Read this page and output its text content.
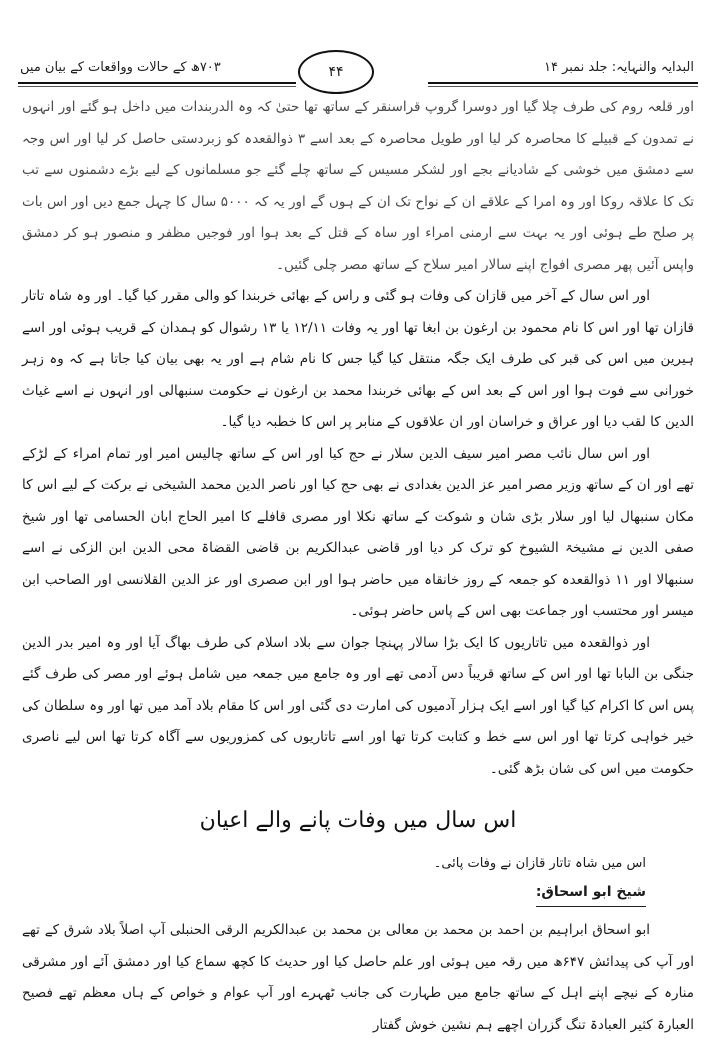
البدایہ والنہایہ: جلد نمبر ۱۴
۴۴
۷۰۳ھ کے حالات وواقعات کے بیان میں

اور قلعہ روم کی طرف چلا گیا اور دوسرا گروپ قراسنقر کے ساتھ تھا حتیٰ کہ وہ الدربندات میں داخل ہو گئے اور انہوں نے تمدون کے قبیلے کا محاصرہ کر لیا اور طویل محاصرہ کے بعد اسے ۳ ذوالقعدہ کو زبردستی حاصل کر لیا اور اس وجہ سے دمشق میں خوشی کے شادیانے بجے اور لشکر مسیس کے ساتھ چلے گئے جو مسلمانوں کے لیے بڑے دشمنوں سے تب تک کا علاقہ روکا اور وہ امرا کے علاقے ان کے نواح تک ان کے ہوں گے اور یہ کہ ۵۰۰۰ سال کا چہل جمع دیں اور اس بات پر صلح طے ہوئی اور یہ بہت سے ارمنی امراء اور ساہ کے قتل کے بعد ہوا اور فوجیں مظفر و منصور ہو کر دمشق واپس آئیں پھر مصری افواج اپنے سالار امیر سلاح کے ساتھ مصر چلی گئیں۔

اور اس سال کے آخر میں قازان کی وفات ہو گئی و راس کے بھائی خربندا کو والی مقرر کیا گیا۔ اور وہ شاہ تاتار قازان تھا اور اس کا نام محمود بن ارغون بن ابغا تھا اور یہ وفات ۱۲/۱۱ یا ۱۳ رشوال کو ہمدان کے قریب ہوئی اور اسے ہیرین میں اس کی قبر کی طرف ایک جگہ منتقل کیا گیا جس کا نام شام ہے اور یہ بھی بیان کیا جاتا ہے کہ وہ زہر خورانی سے فوت ہوا اور اس کے بعد اس کے بھائی خربندا محمد بن ارغون نے حکومت سنبھالی اور انہوں نے اسے غیاث الدین کا لقب دیا اور عراق و خراسان اور ان علاقوں کے منابر پر اس کا خطبہ دیا گیا۔

اور اس سال نائب مصر امیر سیف الدین سلار نے حج کیا اور اس کے ساتھ چالیس امیر اور تمام امراء کے لڑکے تھے اور ان کے ساتھ وزیر مصر امیر عز الدین بغدادی نے بھی حج کیا اور ناصر الدین محمد الشیخی نے برکت کے لیے اس کا مکان سنبھال لیا اور سلار بڑی شان و شوکت کے ساتھ نکلا اور مصری قافلے کا امیر الحاج ابان الحسامی تھا اور شیخ صفی الدین نے مشیخۃ الشیوخ کو ترک کر دیا اور قاضی عبدالکریم بن قاضی القضاۃ محی الدین ابن الزکی نے اسے سنبھالا اور ۱۱ ذوالقعدہ کو جمعہ کے روز خانقاہ میں حاضر ہوا اور ابن صصری اور عز الدین القلانسی اور الصاحب ابن میسر اور محتسب اور جماعت بھی اس کے پاس حاضر ہوئی۔

اور ذوالقعدہ میں تاتاریوں کا ایک بڑا سالار پہنچا جوان سے بلاد اسلام کی طرف بھاگ آیا اور وہ امیر بدر الدین جنگی بن البابا تھا اور اس کے ساتھ قریباً دس آدمی تھے اور وہ جامع میں جمعہ میں شامل ہوئے اور مصر کی طرف گئے پس اس کا اکرام کیا گیا اور اسے ایک ہزار آدمیوں کی امارت دی گئی اور اس کا مقام بلاد آمد میں تھا اور وہ سلطان کی خیر خواہی کرتا تھا اور اس سے خط و کتابت کرتا تھا اور اسے تاتاریوں کی کمزوریوں سے آگاہ کرتا تھا اس لیے ناصری حکومت میں اس کی شان بڑھ گئی۔

اس سال میں وفات پانے والے اعیان

اس میں شاہ تاتار قازان نے وفات پائی۔

شیخ ابو اسحاق:

ابو اسحاق ابراہیم بن احمد بن محمد بن معالی بن محمد بن عبدالکریم الرقی الحنبلی آپ اصلاً بلاد شرق کے تھے اور آپ کی پیدائش ۶۴۷ھ میں رقہ میں ہوئی اور علم حاصل کیا اور حدیث کا کچھ سماع کیا اور دمشق آئے اور مشرقی منارہ کے نیچے اپنے اہل کے ساتھ جامع میں طہارت کی جانب ٹھہرے اور آپ عوام و خواص کے ہاں معظم تھے فصیح العبارۃ کثیر العبادۃ تنگ گزران اچھے ہم نشین خوش گفتار
